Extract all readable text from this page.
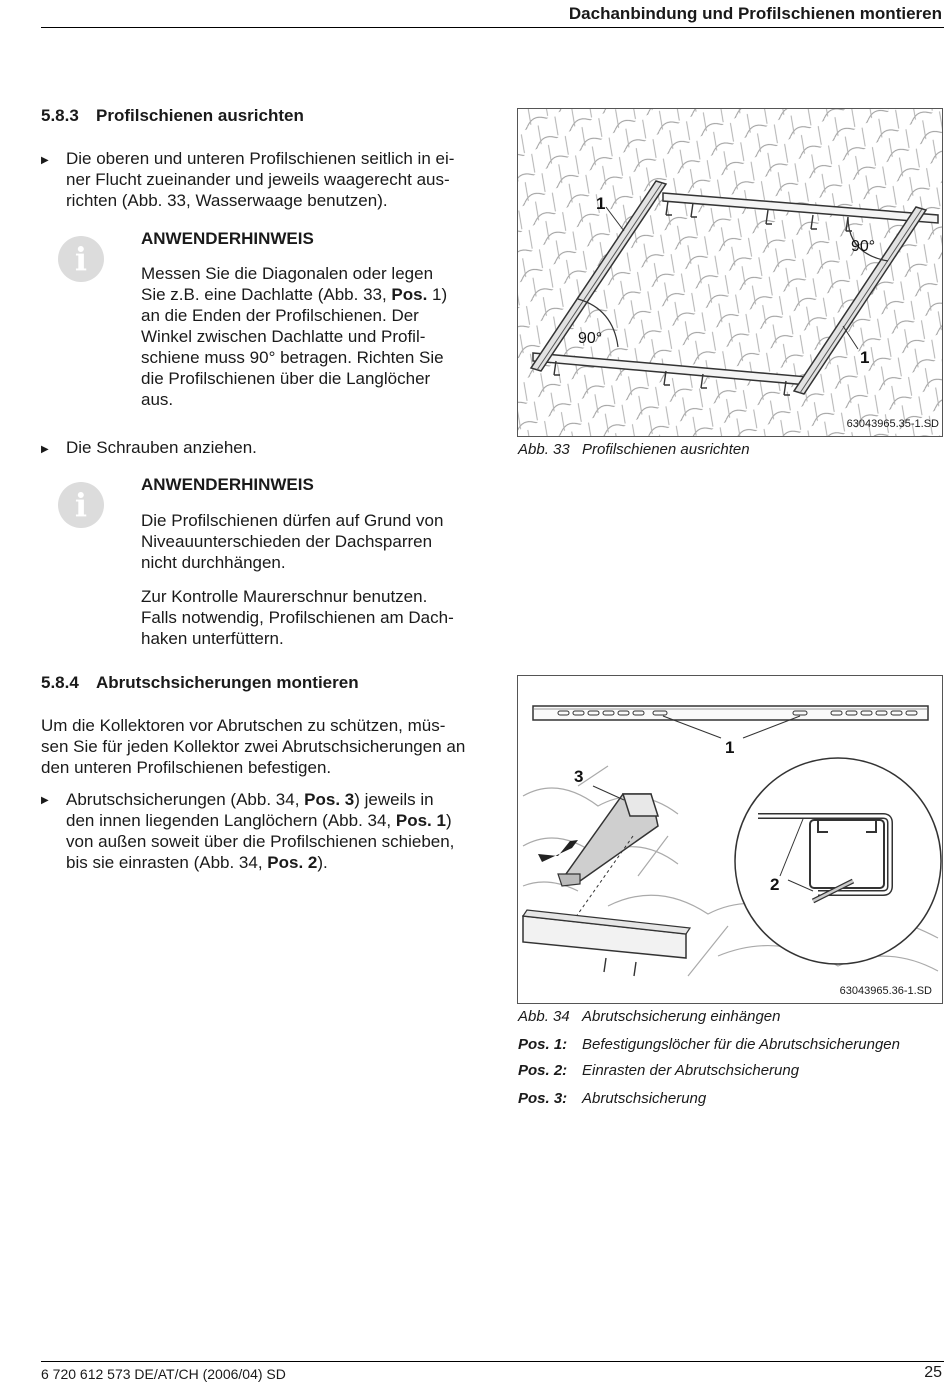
Dachanbindung und Profilschienen montieren
5.8.3 Profilschienen ausrichten
▶ Die oberen und unteren Profilschienen seitlich in ei-
ner Flucht zueinander und jeweils waagerecht aus-
richten (Abb. 33, Wasserwaage benutzen).
i
ANWENDERHINWEIS
Messen Sie die Diagonalen oder legen
Sie z.B. eine Dachlatte (Abb. 33, Pos. 1)
an die Enden der Profilschienen. Der
Winkel zwischen Dachlatte und Profil-
schiene muss 90° betragen. Richten Sie
die Profilschienen über die Langlöcher
aus.
▶ Die Schrauben anziehen.
i
ANWENDERHINWEIS
Die Profilschienen dürfen auf Grund von
Niveauunterschieden der Dachsparren
nicht durchhängen.
Zur Kontrolle Maurerschnur benutzen.
Falls notwendig, Profilschienen am Dach-
haken unterfüttern.
5.8.4 Abrutschsicherungen montieren
Um die Kollektoren vor Abrutschen zu schützen, müs-
sen Sie für jeden Kollektor zwei Abrutschsicherungen an
den unteren Profilschienen befestigen.
▶ Abrutschsicherungen (Abb. 34, Pos. 3) jeweils in
den innen liegenden Langlöchern (Abb. 34, Pos. 1)
von außen soweit über die Profilschienen schieben,
bis sie einrasten (Abb. 34, Pos. 2).
1
1
90°
90°
63043965.35-1.SD
Abb. 33 Profilschienen ausrichten
1
2
3
63043965.36-1.SD
Abb. 34 Abrutschsicherung einhängen
Pos. 1: Befestigungslöcher für die Abrutschsicherungen
Pos. 2: Einrasten der Abrutschsicherung
Pos. 3: Abrutschsicherung
6 720 612 573 DE/AT/CH (2006/04) SD	25
